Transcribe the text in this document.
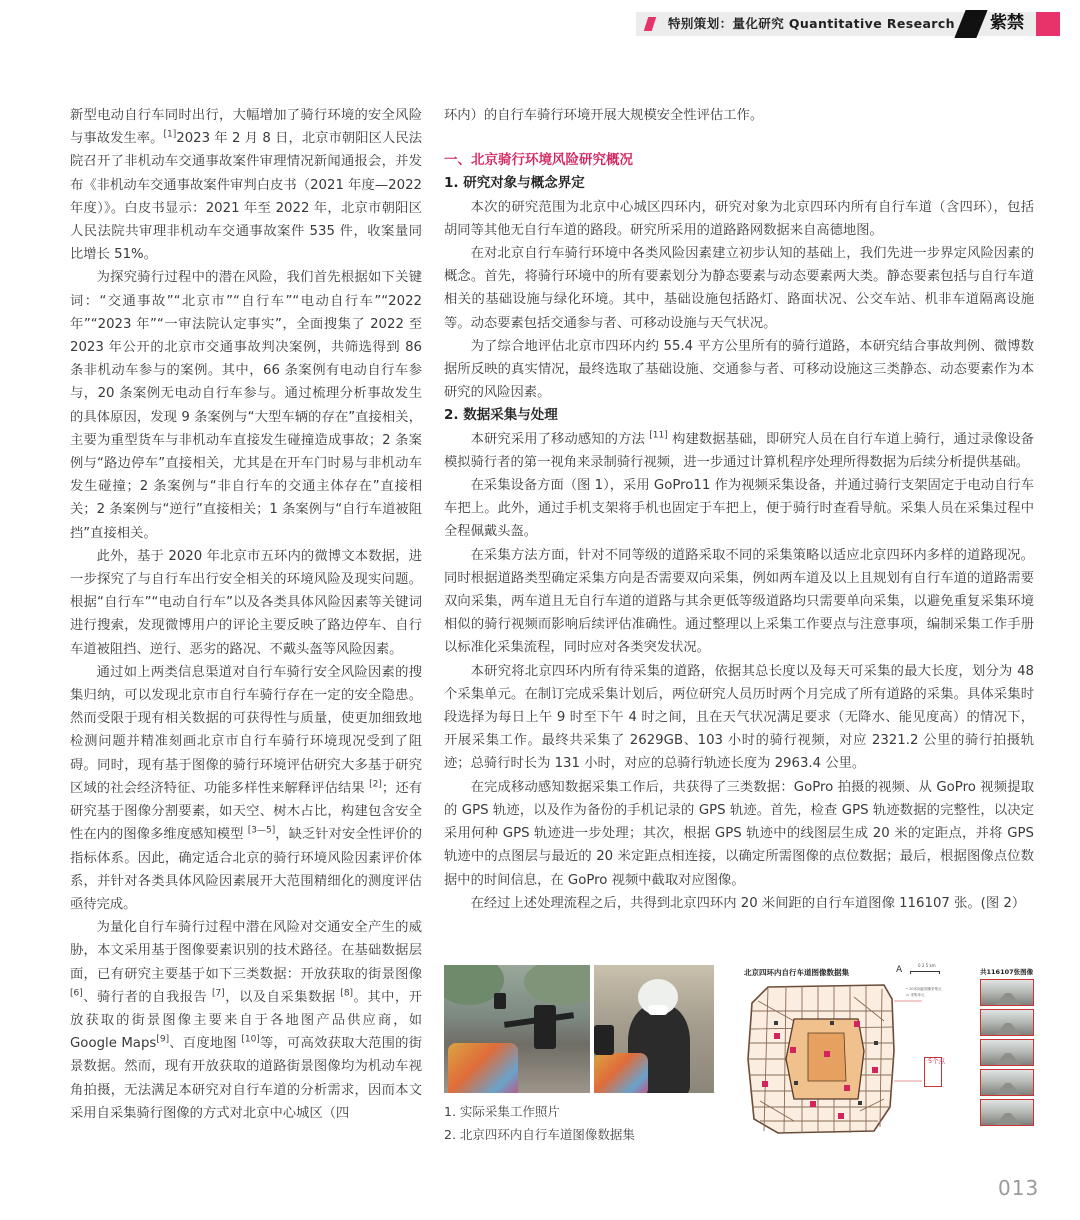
特别策划：量化研究 Quantitative Research 紫禁

新型电动自行车同时出行，大幅增加了骑行环境的安全风险与事故发生率。[1]2023 年 2 月 8 日，北京市朝阳区人民法院召开了非机动车交通事故案件审理情况新闻通报会，并发布《非机动车交通事故案件审判白皮书（2021 年度—2022 年度）》。白皮书显示：2021 年至 2022 年，北京市朝阳区人民法院共审理非机动车交通事故案件 535 件，收案量同比增长 51%。

为探究骑行过程中的潜在风险，我们首先根据如下关键词：“交通事故”“北京市”“自行车”“电动自行车”“2022 年”“2023 年”“一审法院认定事实”，全面搜集了 2022 至 2023 年公开的北京市交通事故判决案例，共筛选得到 86 条非机动车参与的案例。其中，66 条案例有电动自行车参与，20 条案例无电动自行车参与。通过梳理分析事故发生的具体原因，发现 9 条案例与“大型车辆的存在”直接相关，主要为重型货车与非机动车直接发生碰撞造成事故；2 条案例与“路边停车”直接相关，尤其是在开车门时易与非机动车发生碰撞；2 条案例与“非自行车的交通主体存在”直接相关；2 条案例与“逆行”直接相关；1 条案例与“自行车道被阻挡”直接相关。

此外，基于 2020 年北京市五环内的微博文本数据，进一步探究了与自行车出行安全相关的环境风险及现实问题。根据“自行车”“电动自行车”以及各类具体风险因素等关键词进行搜索，发现微博用户的评论主要反映了路边停车、自行车道被阻挡、逆行、恶劣的路况、不戴头盔等风险因素。

通过如上两类信息渠道对自行车骑行安全风险因素的搜集归纳，可以发现北京市自行车骑行存在一定的安全隐患。然而受限于现有相关数据的可获得性与质量，使更加细致地检测问题并精准刻画北京市自行车骑行环境现况受到了阻碍。同时，现有基于图像的骑行环境评估研究大多基于研究区域的社会经济特征、功能多样性来解释评估结果 [2]；还有研究基于图像分割要素，如天空、树木占比，构建包含安全性在内的图像多维度感知模型 [3—5]，缺乏针对安全性评价的指标体系。因此，确定适合北京的骑行环境风险因素评价体系，并针对各类具体风险因素展开大范围精细化的测度评估亟待完成。

为量化自行车骑行过程中潜在风险对交通安全产生的威胁，本文采用基于图像要素识别的技术路径。在基础数据层面，已有研究主要基于如下三类数据：开放获取的街景图像 [6]、骑行者的自我报告 [7]，以及自采集数据 [8]。其中，开放获取的街景图像主要来自于各地图产品供应商，如 Google Maps[9]、百度地图 [10]等，可高效获取大范围的街景数据。然而，现有开放获取的道路街景图像均为机动车视角拍摄，无法满足本研究对自行车道的分析需求，因而本文采用自采集骑行图像的方式对北京中心城区（四

环内）的自行车骑行环境开展大规模安全性评估工作。

一、北京骑行环境风险研究概况
1. 研究对象与概念界定

本次的研究范围为北京中心城区四环内，研究对象为北京四环内所有自行车道（含四环），包括胡同等其他无自行车道的路段。研究所采用的道路路网数据来自高德地图。

在对北京自行车骑行环境中各类风险因素建立初步认知的基础上，我们先进一步界定风险因素的概念。首先，将骑行环境中的所有要素划分为静态要素与动态要素两大类。静态要素包括与自行车道相关的基础设施与绿化环境。其中，基础设施包括路灯、路面状况、公交车站、机非车道隔离设施等。动态要素包括交通参与者、可移动设施与天气状况。

为了综合地评估北京市四环内约 55.4 平方公里所有的骑行道路，本研究结合事故判例、微博数据所反映的真实情况，最终选取了基础设施、交通参与者、可移动设施这三类静态、动态要素作为本研究的风险因素。

2. 数据采集与处理

本研究采用了移动感知的方法 [11] 构建数据基础，即研究人员在自行车道上骑行，通过录像设备模拟骑行者的第一视角来录制骑行视频，进一步通过计算机程序处理所得数据为后续分析提供基础。

在采集设备方面（图 1），采用 GoPro11 作为视频采集设备，并通过骑行支架固定于电动自行车车把上。此外，通过手机支架将手机也固定于车把上，便于骑行时查看导航。采集人员在采集过程中全程佩戴头盔。

在采集方法方面，针对不同等级的道路采取不同的采集策略以适应北京四环内多样的道路现况。同时根据道路类型确定采集方向是否需要双向采集，例如两车道及以上且规划有自行车道的道路需要双向采集，两车道且无自行车道的道路与其余更低等级道路均只需要单向采集，以避免重复采集环境相似的骑行视频而影响后续评估准确性。通过整理以上采集工作要点与注意事项，编制采集工作手册以标准化采集流程，同时应对各类突发状况。

本研究将北京四环内所有待采集的道路，依据其总长度以及每天可采集的最大长度，划分为 48 个采集单元。在制订完成采集计划后，两位研究人员历时两个月完成了所有道路的采集。具体采集时段选择为每日上午 9 时至下午 4 时之间，且在天气状况满足要求（无降水、能见度高）的情况下，开展采集工作。最终共采集了 2629GB、103 小时的骑行视频，对应 2321.2 公里的骑行拍摄轨迹；总骑行时长为 131 小时，对应的总骑行轨迹长度为 2963.4 公里。

在完成移动感知数据采集工作后，共获得了三类数据：GoPro 拍摄的视频、从 GoPro 视频提取的 GPS 轨迹，以及作为备份的手机记录的 GPS 轨迹。首先，检查 GPS 轨迹数据的完整性，以决定采用何种 GPS 轨迹进一步处理；其次，根据 GPS 轨迹中的线图层生成 20 米的定距点，并将 GPS 轨迹中的点图层与最近的 20 米定距点相连接，以确定所需图像的点位数据；最后，根据图像点位数据中的时间信息，在 GoPro 视频中截取对应图像。

在经过上述处理流程之后，共得到北京四环内 20 米间距的自行车道图像 116107 张。(图 2）

北京四环内自行车道图像数据集	A	0 2.5 km
• 20米间距图像采集点
▭ 采集单元
5个点
共116107张图像
1. 实际采集工作照片
2. 北京四环内自行车道图像数据集
013
